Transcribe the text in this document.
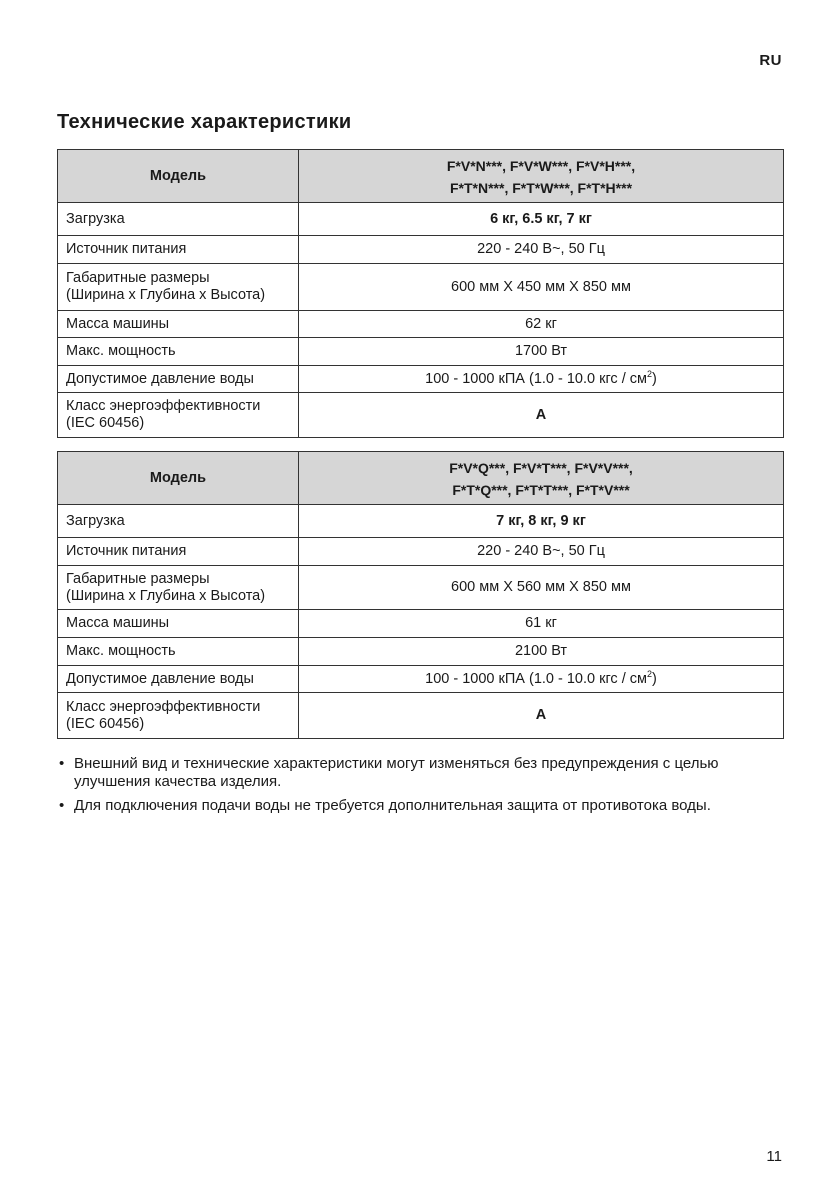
RU
Технические характеристики
Модель	F*V*N***, F*V*W***, F*V*H***,
F*T*N***, F*T*W***, F*T*H***
Загрузка	6 кг, 6.5 кг, 7 кг
Источник питания	220 - 240 В~, 50 Гц
Габаритные размеры
(Ширина x Глубина x Высота)	600 мм X 450 мм X 850 мм
Масса машины	62 кг
Макс. мощность	1700 Вт
Допустимое давление воды	100 - 1000 кПА (1.0 - 10.0 кгс / $см^2$)
Класс энергоэффективности
(IEC 60456)	A
Модель	F*V*Q***, F*V*T***, F*V*V***,
F*T*Q***, F*T*T***, F*T*V***
Загрузка	7 кг, 8 кг, 9 кг
Источник питания	220 - 240 В~, 50 Гц
Габаритные размеры
(Ширина x Глубина x Высота)	600 мм X 560 мм X 850 мм
Масса машины	61 кг
Макс. мощность	2100 Вт
Допустимое давление воды	100 - 1000 кПА (1.0 - 10.0 кгс / $см^2$)
Класс энергоэффективности
(IEC 60456)	A
• Внешний вид и технические характеристики могут изменяться без предупреждения с целью
улучшения качества изделия.
• Для подключения подачи воды не требуется дополнительная защита от противотока воды.
11
